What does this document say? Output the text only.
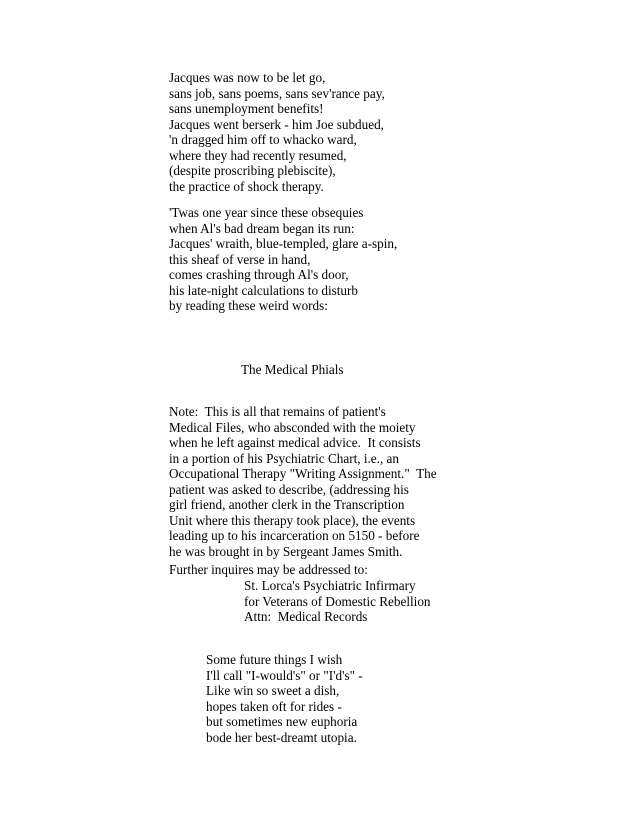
Jacques was now to be let go,
sans job, sans poems, sans sev'rance pay,
sans unemployment benefits!
Jacques went berserk - him Joe subdued,
'n dragged him off to whacko ward,
where they had recently resumed,
(despite proscribing plebiscite),
the practice of shock therapy.
'Twas one year since these obsequies
when Al's bad dream began its run:
Jacques' wraith, blue-templed, glare a-spin,
this sheaf of verse in hand,
comes crashing through Al's door,
his late-night calculations to disturb
by reading these weird words:
The Medical Phials
Note:  This is all that remains of patient's
Medical Files, who absconded with the moiety
when he left against medical advice.  It consists
in a portion of his Psychiatric Chart, i.e., an
Occupational Therapy "Writing Assignment."  The
patient was asked to describe, (addressing his
girl friend, another clerk in the Transcription
Unit where this therapy took place), the events
leading up to his incarceration on 5150 - before
he was brought in by Sergeant James Smith.
Further inquires may be addressed to:
St. Lorca's Psychiatric Infirmary
for Veterans of Domestic Rebellion
Attn:  Medical Records
Some future things I wish
I'll call "I-would's" or "I'd's" -
Like win so sweet a dish,
hopes taken oft for rides -
but sometimes new euphoria
bode her best-dreamt utopia.
